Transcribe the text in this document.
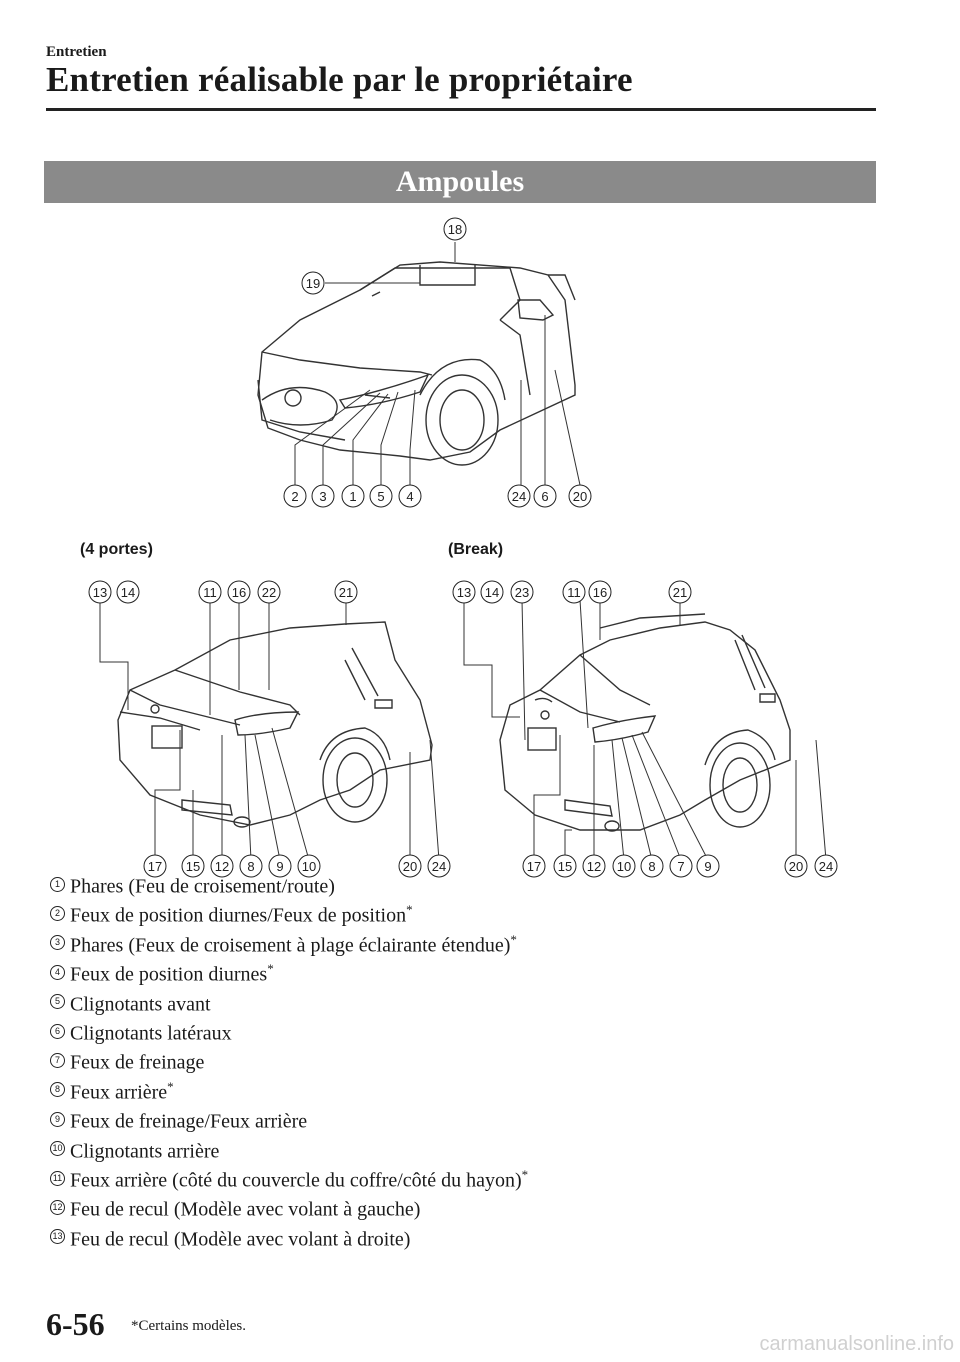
Entretien
Entretien réalisable par le propriétaire
Ampoules
18
19
2 3 1 5 4	24 6 20
13 14	11 16 22	21
17 15 12 8 9 10	20 24
13 14 23	11 16	21
17 15 12 10 8 7 9	20 24
(4 portes)	(Break)
1 Phares (Feu de croisement/route)
2 Feux de position diurnes/Feux de position*
3 Phares (Feux de croisement à plage éclairante étendue)*
4 Feux de position diurnes*
5 Clignotants avant
6 Clignotants latéraux
7 Feux de freinage
8 Feux arrière*
9 Feux de freinage/Feux arrière
10 Clignotants arrière
11 Feux arrière (côté du couvercle du coffre/côté du hayon)*
12 Feu de recul (Modèle avec volant à gauche)
13 Feu de recul (Modèle avec volant à droite)
6-56 *Certains modèles.
carmanualsonline.info
